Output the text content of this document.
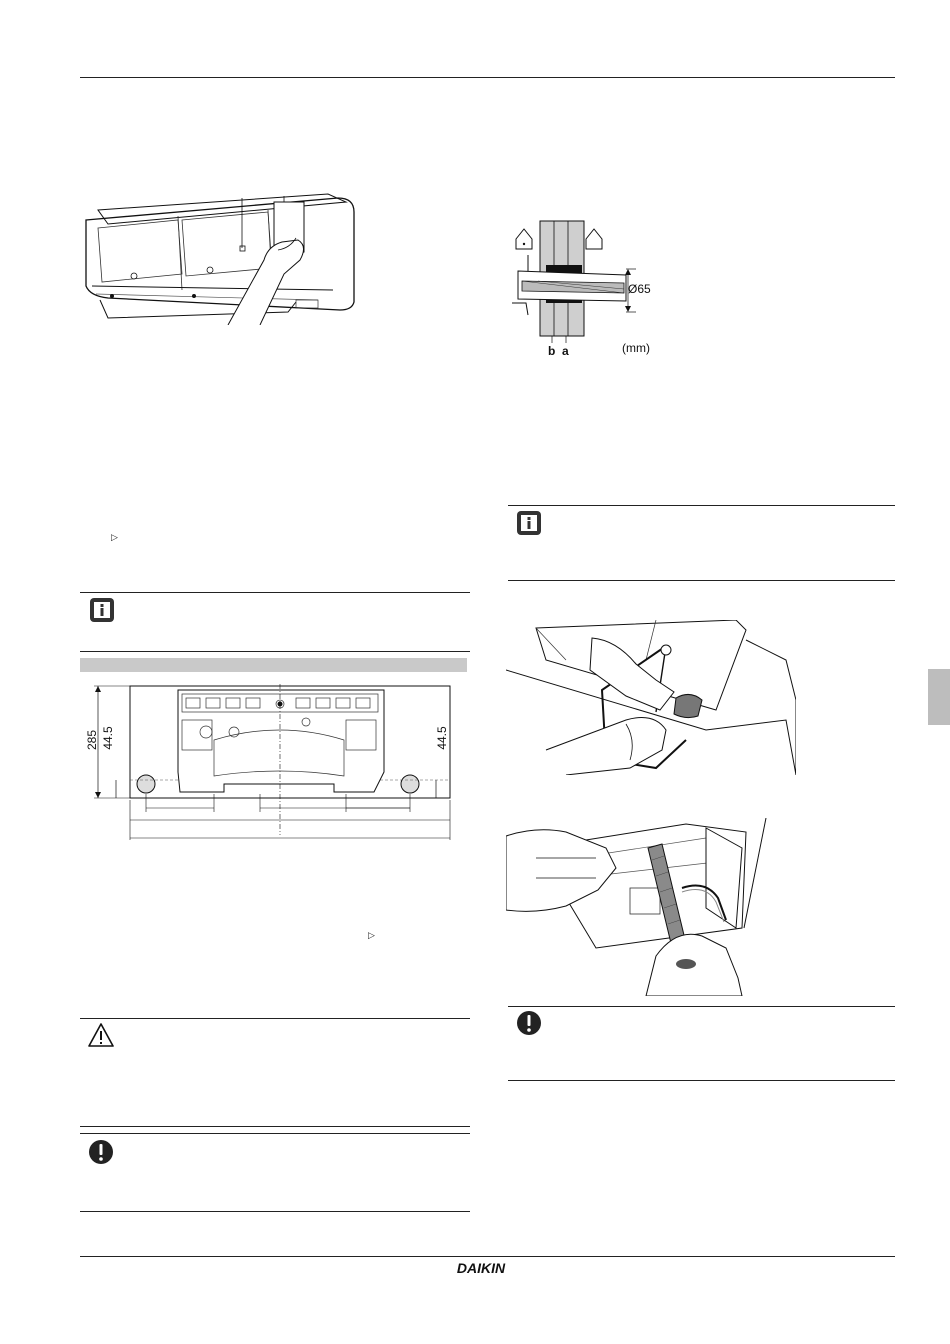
Ø65
b a	(mm)
▷
▷
285 44.5	44.5
DAIKIN
